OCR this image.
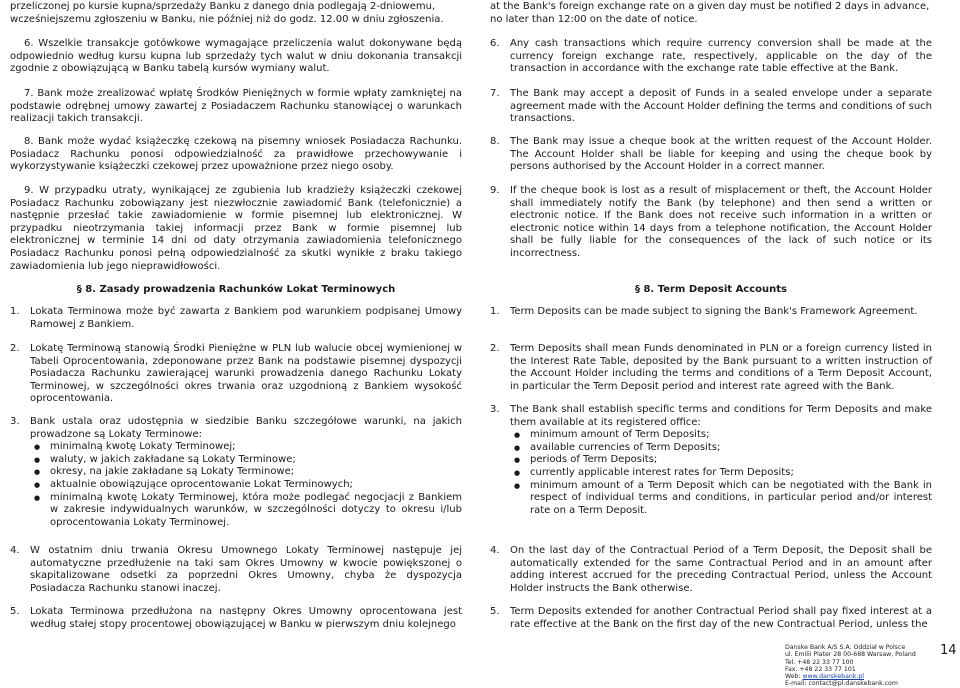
przeliczonej po kursie kupna/sprzedaży Banku z danego dnia podlegają 2-dniowemu, wcześniejszemu zgłoszeniu w Banku, nie później niż do godz. 12.00 w dniu zgłoszenia.

6. Wszelkie transakcje gotówkowe wymagające przeliczenia walut dokonywane będą odpowiednio według kursu kupna lub sprzedaży tych walut w dniu dokonania transakcji zgodnie z obowiązującą w Banku tabelą kursów wymiany walut.
7. Bank może zrealizować wpłatę Środków Pieniężnych w formie wpłaty zamkniętej na podstawie odrębnej umowy zawartej z Posiadaczem Rachunku stanowiącej o warunkach realizacji takich transakcji.
8. Bank może wydać książeczkę czekową na pisemny wniosek Posiadacza Rachunku. Posiadacz Rachunku ponosi odpowiedzialność za prawidłowe przechowywanie i wykorzystywanie książeczki czekowej przez upoważnione przez niego osoby.
9. W przypadku utraty, wynikającej ze zgubienia lub kradzieży książeczki czekowej Posiadacz Rachunku zobowiązany jest niezwłocznie zawiadomić Bank (telefonicznie) a następnie przesłać takie zawiadomienie w formie pisemnej lub elektronicznej. W przypadku nieotrzymania takiej informacji przez Bank w formie pisemnej lub elektronicznej w terminie 14 dni od daty otrzymania zawiadomienia telefonicznego Posiadacz Rachunku ponosi pełną odpowiedzialność za skutki wynikłe z braku takiego zawiadomienia lub jego nieprawidłowości.
§ 8. Zasady prowadzenia Rachunków Lokat Terminowych
1. Lokata Terminowa może być zawarta z Bankiem pod warunkiem podpisanej Umowy Ramowej z Bankiem.
2. Lokatę Terminową stanowią Środki Pieniężne w PLN lub walucie obcej wymienionej w Tabeli Oprocentowania, zdeponowane przez Bank na podstawie pisemnej dyspozycji Posiadacza Rachunku zawierającej warunki prowadzenia danego Rachunku Lokaty Terminowej, w szczególności okres trwania oraz uzgodnioną z Bankiem wysokość oprocentowania.
3. Bank ustala oraz udostępnia w siedzibie Banku szczegółowe warunki, na jakich prowadzone są Lokaty Terminowe:
● minimalną kwotę Lokaty Terminowej;
● waluty, w jakich zakładane są Lokaty Terminowe;
● okresy, na jakie zakładane są Lokaty Terminowe;
● aktualnie obowiązujące oprocentowanie Lokat Terminowych;
● minimalną kwotę Lokaty Terminowej, która może podlegać negocjacji z Bankiem w zakresie indywidualnych warunków, w szczególności dotyczy to okresu i/lub oprocentowania Lokaty Terminowej.
4. W ostatnim dniu trwania Okresu Umownego Lokaty Terminowej następuje jej automatyczne przedłużenie na taki sam Okres Umowny w kwocie powiększonej o skapitalizowane odsetki za poprzedni Okres Umowny, chyba że dyspozycja Posiadacza Rachunku stanowi inaczej.
5. Lokata Terminowa przedłużona na następny Okres Umowny oprocentowana jest według stałej stopy procentowej obowiązującej w Banku w pierwszym dniu kolejnego

at the Bank's foreign exchange rate on a given day must be notified 2 days in advance, no later than 12:00 on the date of notice.

6. Any cash transactions which require currency conversion shall be made at the currency foreign exchange rate, respectively, applicable on the day of the transaction in accordance with the exchange rate table effective at the Bank.
7. The Bank may accept a deposit of Funds in a sealed envelope under a separate agreement made with the Account Holder defining the terms and conditions of such transactions.
8. The Bank may issue a cheque book at the written request of the Account Holder. The Account Holder shall be liable for keeping and using the cheque book by persons authorised by the Account Holder in a correct manner.
9. If the cheque book is lost as a result of misplacement or theft, the Account Holder shall immediately notify the Bank (by telephone) and then send a written or electronic notice. If the Bank does not receive such information in a written or electronic notice within 14 days from a telephone notification, the Account Holder shall be fully liable for the consequences of the lack of such notice or its incorrectness.
§ 8. Term Deposit Accounts
1. Term Deposits can be made subject to signing the Bank's Framework Agreement.
2. Term Deposits shall mean Funds denominated in PLN or a foreign currency listed in the Interest Rate Table, deposited by the Bank pursuant to a written instruction of the Account Holder including the terms and conditions of a Term Deposit Account, in particular the Term Deposit period and interest rate agreed with the Bank.
3. The Bank shall establish specific terms and conditions for Term Deposits and make them available at its registered office:
● minimum amount of Term Deposits;
● available currencies of Term Deposits;
● periods of Term Deposits;
● currently applicable interest rates for Term Deposits;
● minimum amount of a Term Deposit which can be negotiated with the Bank in respect of individual terms and conditions, in particular period and/or interest rate on a Term Deposit.
4. On the last day of the Contractual Period of a Term Deposit, the Deposit shall be automatically extended for the same Contractual Period and in an amount after adding interest accrued for the preceding Contractual Period, unless the Account Holder instructs the Bank otherwise.
5. Term Deposits extended for another Contractual Period shall pay fixed interest at a rate effective at the Bank on the first day of the new Contractual Period, unless the
Danske Bank A/S S.A. Oddział w Polsce
ul. Emilii Plater 28 00-688 Warsaw, Poland
Tel. +48 22 33 77 100
Fax. +48 22 33 77 101
Web: www.danskebank.pl
E-mail: contact@pl.danskebank.com
14
